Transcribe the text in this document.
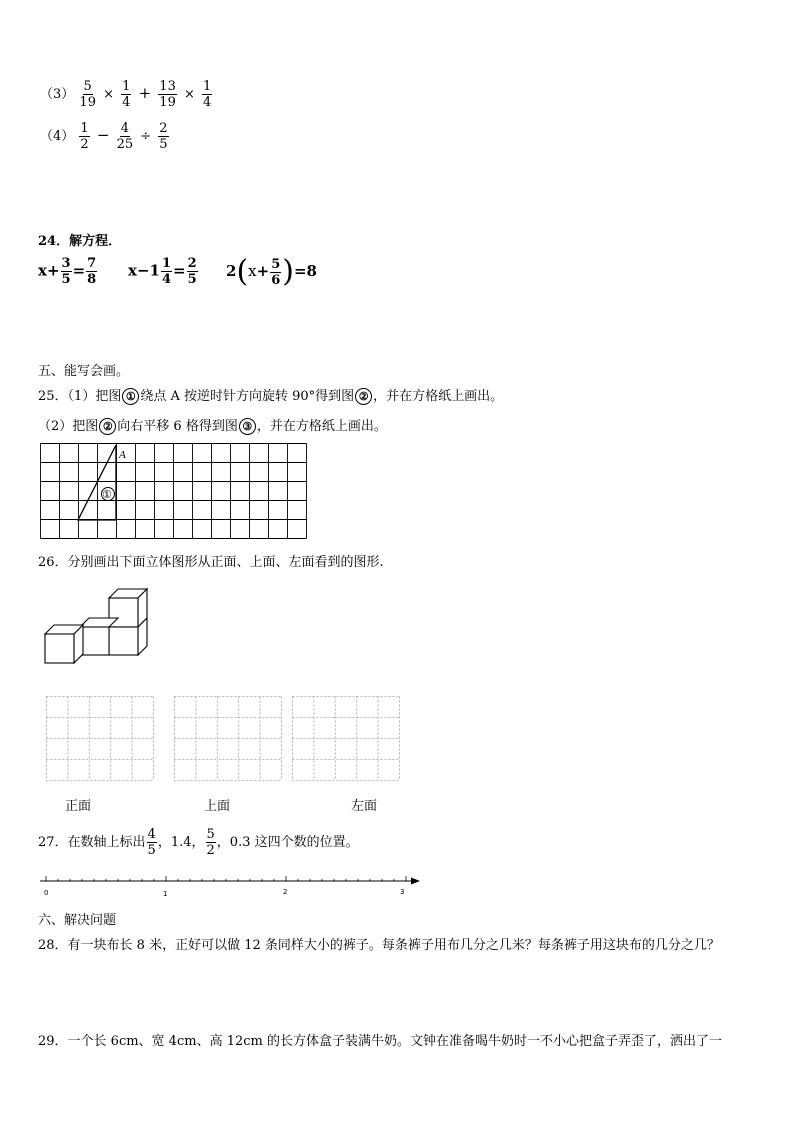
$(3) \frac{5}{19} \times \frac{1}{4} + \frac{13}{19} \times \frac{1}{4}$
$(4) \frac{1}{2} - \frac{4}{25} \div \frac{2}{5}$
24．解方程．
$x+ \frac{3}{5} = \frac{7}{8} x-1 \frac{1}{4} = \frac{2}{5} 2(x+ \frac{5}{6} )=8$
五、能写会画。
25．（1）把图 ① 绕点 A 按逆时针方向旋转 90°得到图 ② ，并在方格纸上画出。
（2）把图 ② 向右平移 6 格得到图 ③ ，并在方格纸上画出。
A
①
26．分别画出下面立体图形从正面、上面、左面看到的图形.
正面	上面	左面
27．在数轴上标出 $\frac{4}{5}$ ，1.4， $\frac{5}{2}$ ，0.3 这四个数的位置。
0	1	2	3
六、解决问题
28．有一块布长 8 米，正好可以做 12 条同样大小的裤子。每条裤子用布几分之几米？每条裤子用这块布的几分之几？
29．一个长 6cm、宽 4cm、高 12cm 的长方体盒子装满牛奶。文钟在准备喝牛奶时一不小心把盒子弄歪了，洒出了一
